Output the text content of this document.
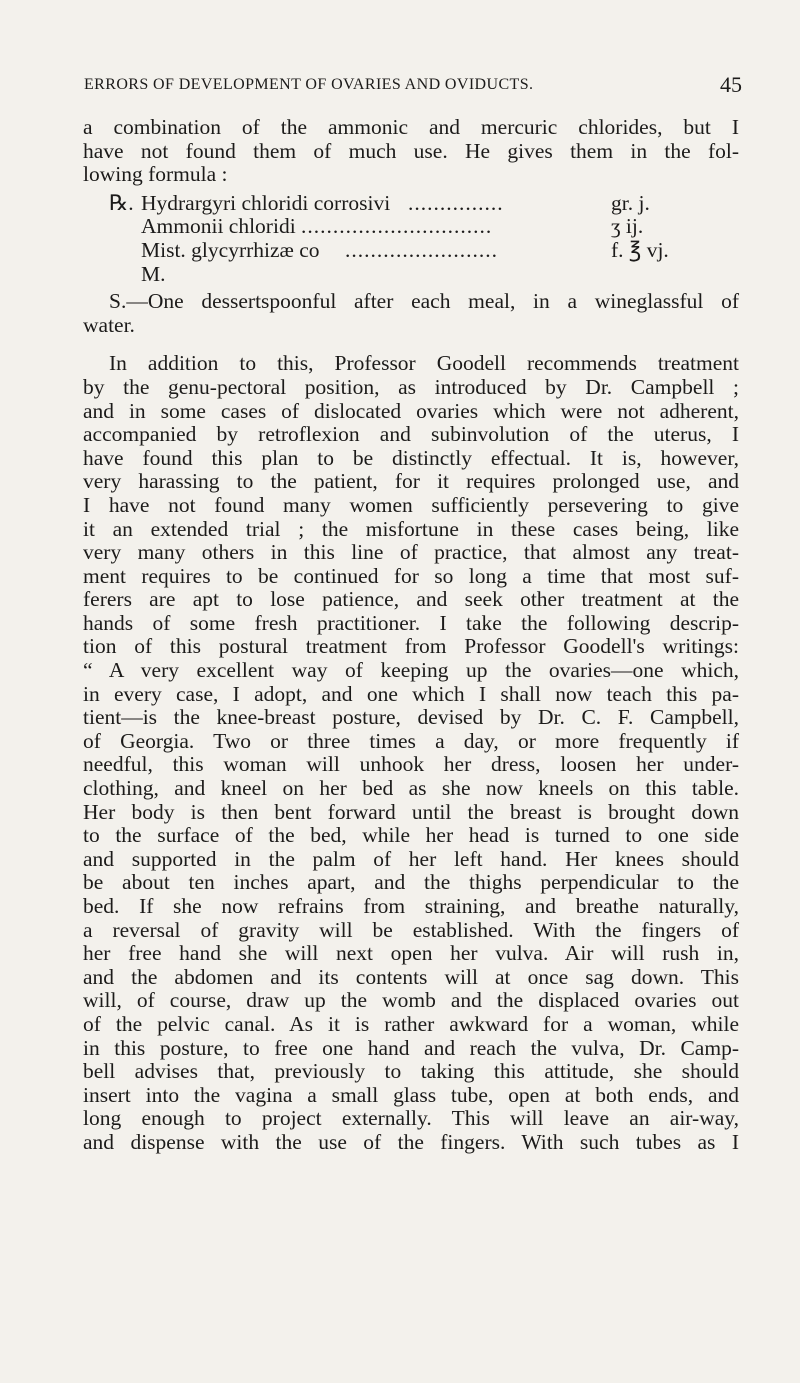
ERRORS OF DEVELOPMENT OF OVARIES AND OVIDUCTS.	45
a combination of the ammonic and mercuric chlorides, but I
have not found them of much use. He gives them in the fol-
lowing formula :
℞. Hydrargyri chloridi corrosivi ...............	gr. j.
Ammonii chloridi ..............................	ʒ ij.
Mist. glycyrrhizæ co ........................	f. ℥ vj.
M.
S.—One dessertspoonful after each meal, in a wineglassful of
water.
In addition to this, Professor Goodell recommends treatment
by the genu-pectoral position, as introduced by Dr. Campbell ;
and in some cases of dislocated ovaries which were not adherent,
accompanied by retroflexion and subinvolution of the uterus, I
have found this plan to be distinctly effectual. It is, however,
very harassing to the patient, for it requires prolonged use, and
I have not found many women sufficiently persevering to give
it an extended trial ; the misfortune in these cases being, like
very many others in this line of practice, that almost any treat-
ment requires to be continued for so long a time that most suf-
ferers are apt to lose patience, and seek other treatment at the
hands of some fresh practitioner. I take the following descrip-
tion of this postural treatment from Professor Goodell's writings:
“ A very excellent way of keeping up the ovaries—one which,
in every case, I adopt, and one which I shall now teach this pa-
tient—is the knee-breast posture, devised by Dr. C. F. Campbell,
of Georgia. Two or three times a day, or more frequently if
needful, this woman will unhook her dress, loosen her under-
clothing, and kneel on her bed as she now kneels on this table.
Her body is then bent forward until the breast is brought down
to the surface of the bed, while her head is turned to one side
and supported in the palm of her left hand. Her knees should
be about ten inches apart, and the thighs perpendicular to the
bed. If she now refrains from straining, and breathe naturally,
a reversal of gravity will be established. With the fingers of
her free hand she will next open her vulva. Air will rush in,
and the abdomen and its contents will at once sag down. This
will, of course, draw up the womb and the displaced ovaries out
of the pelvic canal. As it is rather awkward for a woman, while
in this posture, to free one hand and reach the vulva, Dr. Camp-
bell advises that, previously to taking this attitude, she should
insert into the vagina a small glass tube, open at both ends, and
long enough to project externally. This will leave an air-way,
and dispense with the use of the fingers. With such tubes as I
